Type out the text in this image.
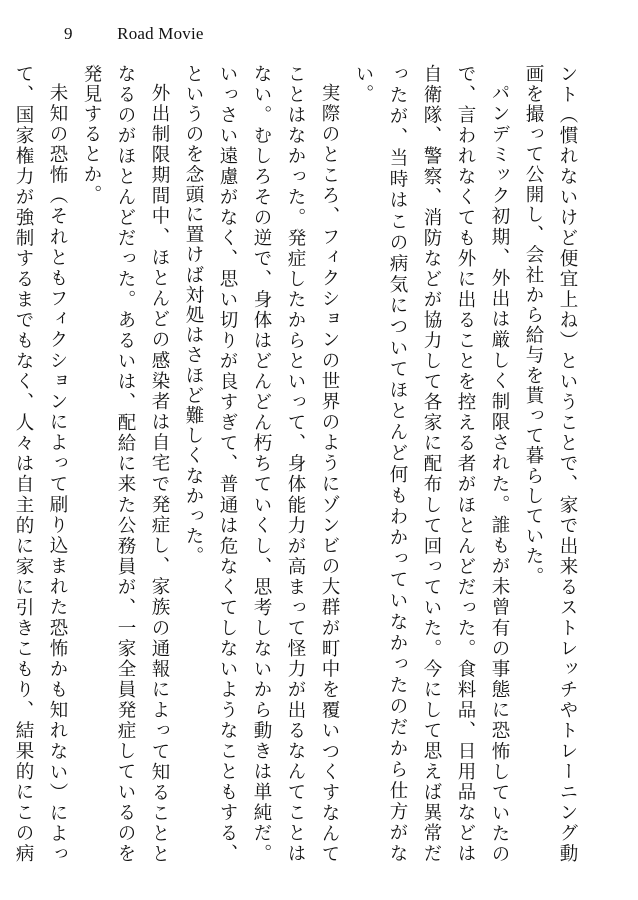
9	Road Movie

ント（慣れないけど便宜上ね）ということで、家で出来るストレッチやトレーニング動画を撮って公開し、会社から給与を貰って暮らしていた。

パンデミック初期、外出は厳しく制限された。誰もが未曾有の事態に恐怖していたので、言われなくても外に出ることを控える者がほとんどだった。食料品、日用品などは自衛隊、警察、消防などが協力して各家に配布して回っていた。今にして思えば異常だったが、当時はこの病気についてほとんど何もわかっていなかったのだから仕方がない。

実際のところ、フィクションの世界のようにゾンビの大群が町中を覆いつくすなんてことはなかった。発症したからといって、身体能力が高まって怪力が出るなんてことはない。むしろその逆で、身体はどんどん朽ちていくし、思考しないから動きは単純だ。いっさい遠慮がなく、思い切りが良すぎて、普通は危なくてしないようなこともする、というのを念頭に置けば対処はさほど難しくなかった。

外出制限期間中、ほとんどの感染者は自宅で発症し、家族の通報によって知ることとなるのがほとんどだった。あるいは、配給に来た公務員が、一家全員発症しているのを発見するとか。

未知の恐怖（それともフィクションによって刷り込まれた恐怖かも知れない）によって、国家権力が強制するまでもなく、人々は自主的に家に引きこもり、結果的にこの病
